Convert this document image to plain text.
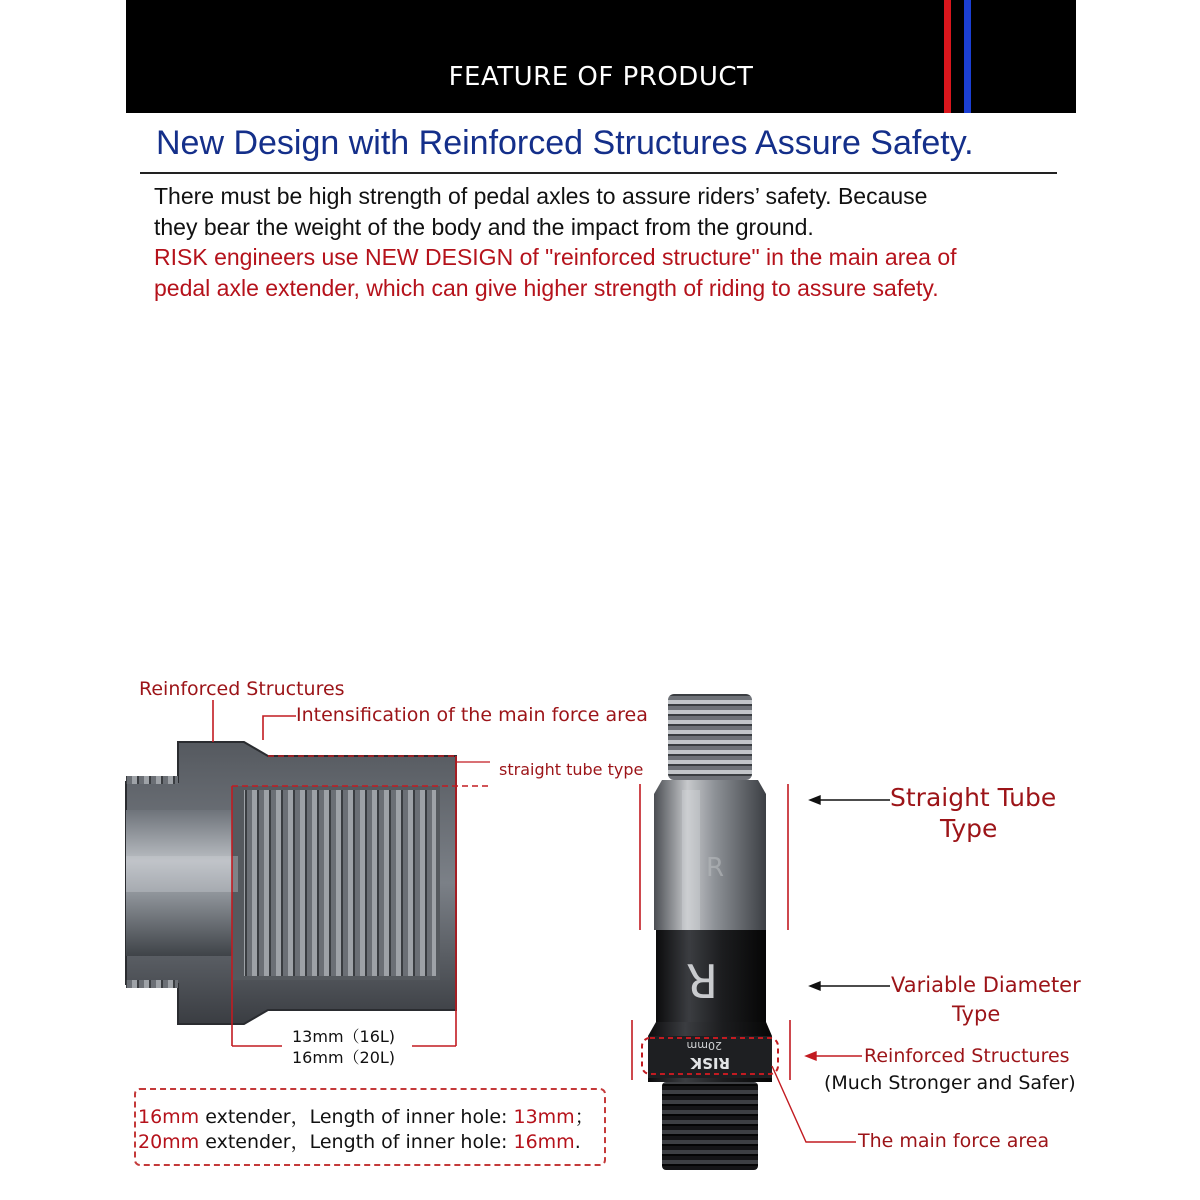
FEATURE OF PRODUCT
New Design with Reinforced Structures Assure Safety.
There must be high strength of pedal axles to assure riders’ safety. Because
they bear the weight of the body and the impact from the ground.
RISK engineers use NEW DESIGN of "reinforced structure" in the main area of
pedal axle extender, which can give higher strength of riding to assure safety.
R
R
20mm
RISK
Reinforced Structures
Intensification of the main force area
straight tube type
13mm（16L)
16mm（20L)
Straight Tube
Type
Variable Diameter
Type
Reinforced Structures
(Much Stronger and Safer)
The main force area
16mm extender，Length of inner hole: 13mm；
20mm extender，Length of inner hole: 16mm.
